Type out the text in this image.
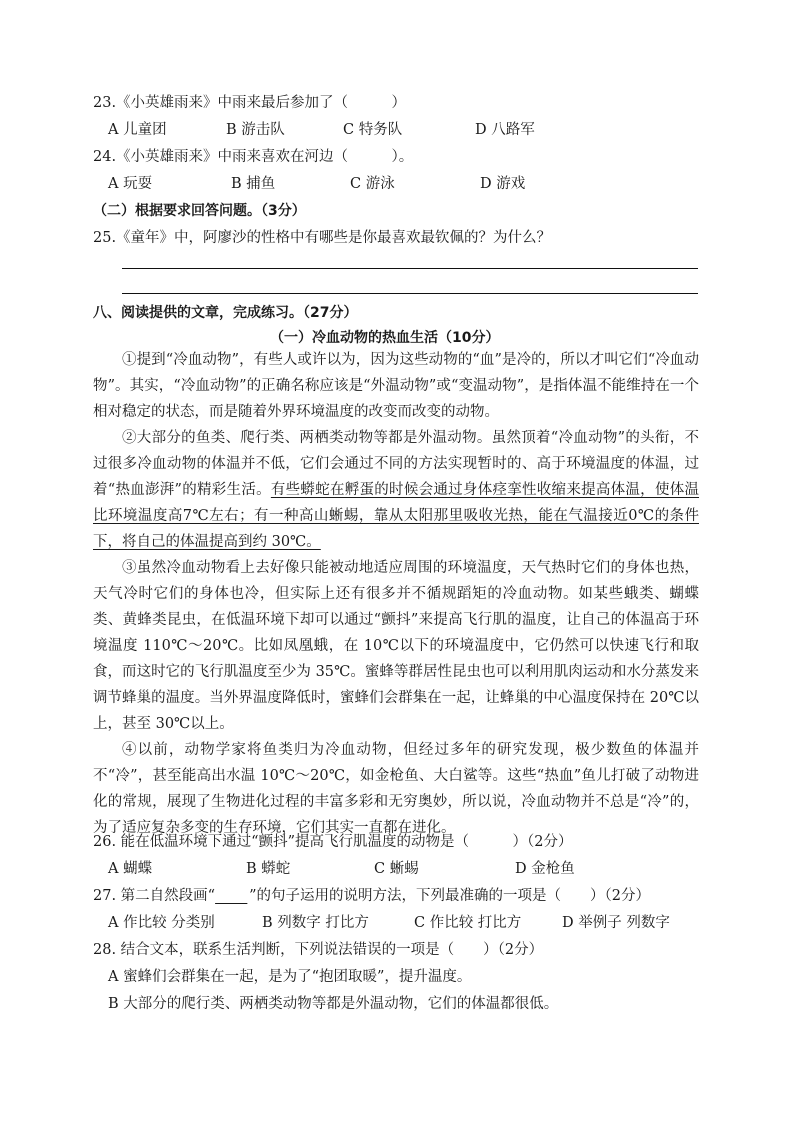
23.《小英雄雨来》中雨来最后参加了（　　　）
A 儿童团	B 游击队	C 特务队	D 八路军
24.《小英雄雨来》中雨来喜欢在河边（　　　）。
A 玩耍	B 捕鱼	C 游泳	D 游戏
（二）根据要求回答问题。（3分）
25.《童年》中，阿廖沙的性格中有哪些是你最喜欢最钦佩的？为什么？
八、阅读提供的文章，完成练习。（27分）
（一）冷血动物的热血生活（10分）

①提到“冷血动物”，有些人或许以为，因为这些动物的“血”是冷的，所以才叫它们“冷血动物”。其实，“冷血动物”的正确名称应该是“外温动物”或“变温动物”，是指体温不能维持在一个相对稳定的状态，而是随着外界环境温度的改变而改变的动物。

②大部分的鱼类、爬行类、两栖类动物等都是外温动物。虽然顶着“冷血动物”的头衔，不过很多冷血动物的体温并不低，它们会通过不同的方法实现暂时的、高于环境温度的体温，过着“热血澎湃”的精彩生活。有些蟒蛇在孵蛋的时候会通过身体痉挛性收缩来提高体温，使体温比环境温度高7℃左右；有一种高山蜥蜴，靠从太阳那里吸收光热，能在气温接近0℃的条件下，将自己的体温提高到约 30℃。

③虽然冷血动物看上去好像只能被动地适应周围的环境温度，天气热时它们的身体也热，天气冷时它们的身体也冷，但实际上还有很多并不循规蹈矩的冷血动物。如某些蛾类、蝴蝶类、黄蜂类昆虫，在低温环境下却可以通过“颤抖”来提高飞行肌的温度，让自己的体温高于环境温度 110℃～20℃。比如凤凰蛾，在 10℃以下的环境温度中，它仍然可以快速飞行和取食，而这时它的飞行肌温度至少为 35℃。蜜蜂等群居性昆虫也可以利用肌肉运动和水分蒸发来调节蜂巢的温度。当外界温度降低时，蜜蜂们会群集在一起，让蜂巢的中心温度保持在 20℃以上，甚至 30℃以上。

④以前，动物学家将鱼类归为冷血动物，但经过多年的研究发现，极少数鱼的体温并不“冷”，甚至能高出水温 10℃～20℃，如金枪鱼、大白鲨等。这些“热血”鱼儿打破了动物进化的常规，展现了生物进化过程的丰富多彩和无穷奥妙，所以说，冷血动物并不总是“冷”的，为了适应复杂多变的生存环境，它们其实一直都在进化。

26. 能在低温环境下通过“颤抖”提高飞行肌温度的动物是（　　　）（2分）
A 蝴蝶	B 蟒蛇	C 蜥蜴	D 金枪鱼
27. 第二自然段画“ ”的句子运用的说明方法，下列最准确的一项是（　　）（2分）
A 作比较 分类别	B 列数字 打比方	C 作比较 打比方	D 举例子 列数字
28. 结合文本，联系生活判断，下列说法错误的一项是（　　）（2分）
A 蜜蜂们会群集在一起，是为了“抱团取暖”，提升温度。
B 大部分的爬行类、两栖类动物等都是外温动物，它们的体温都很低。
